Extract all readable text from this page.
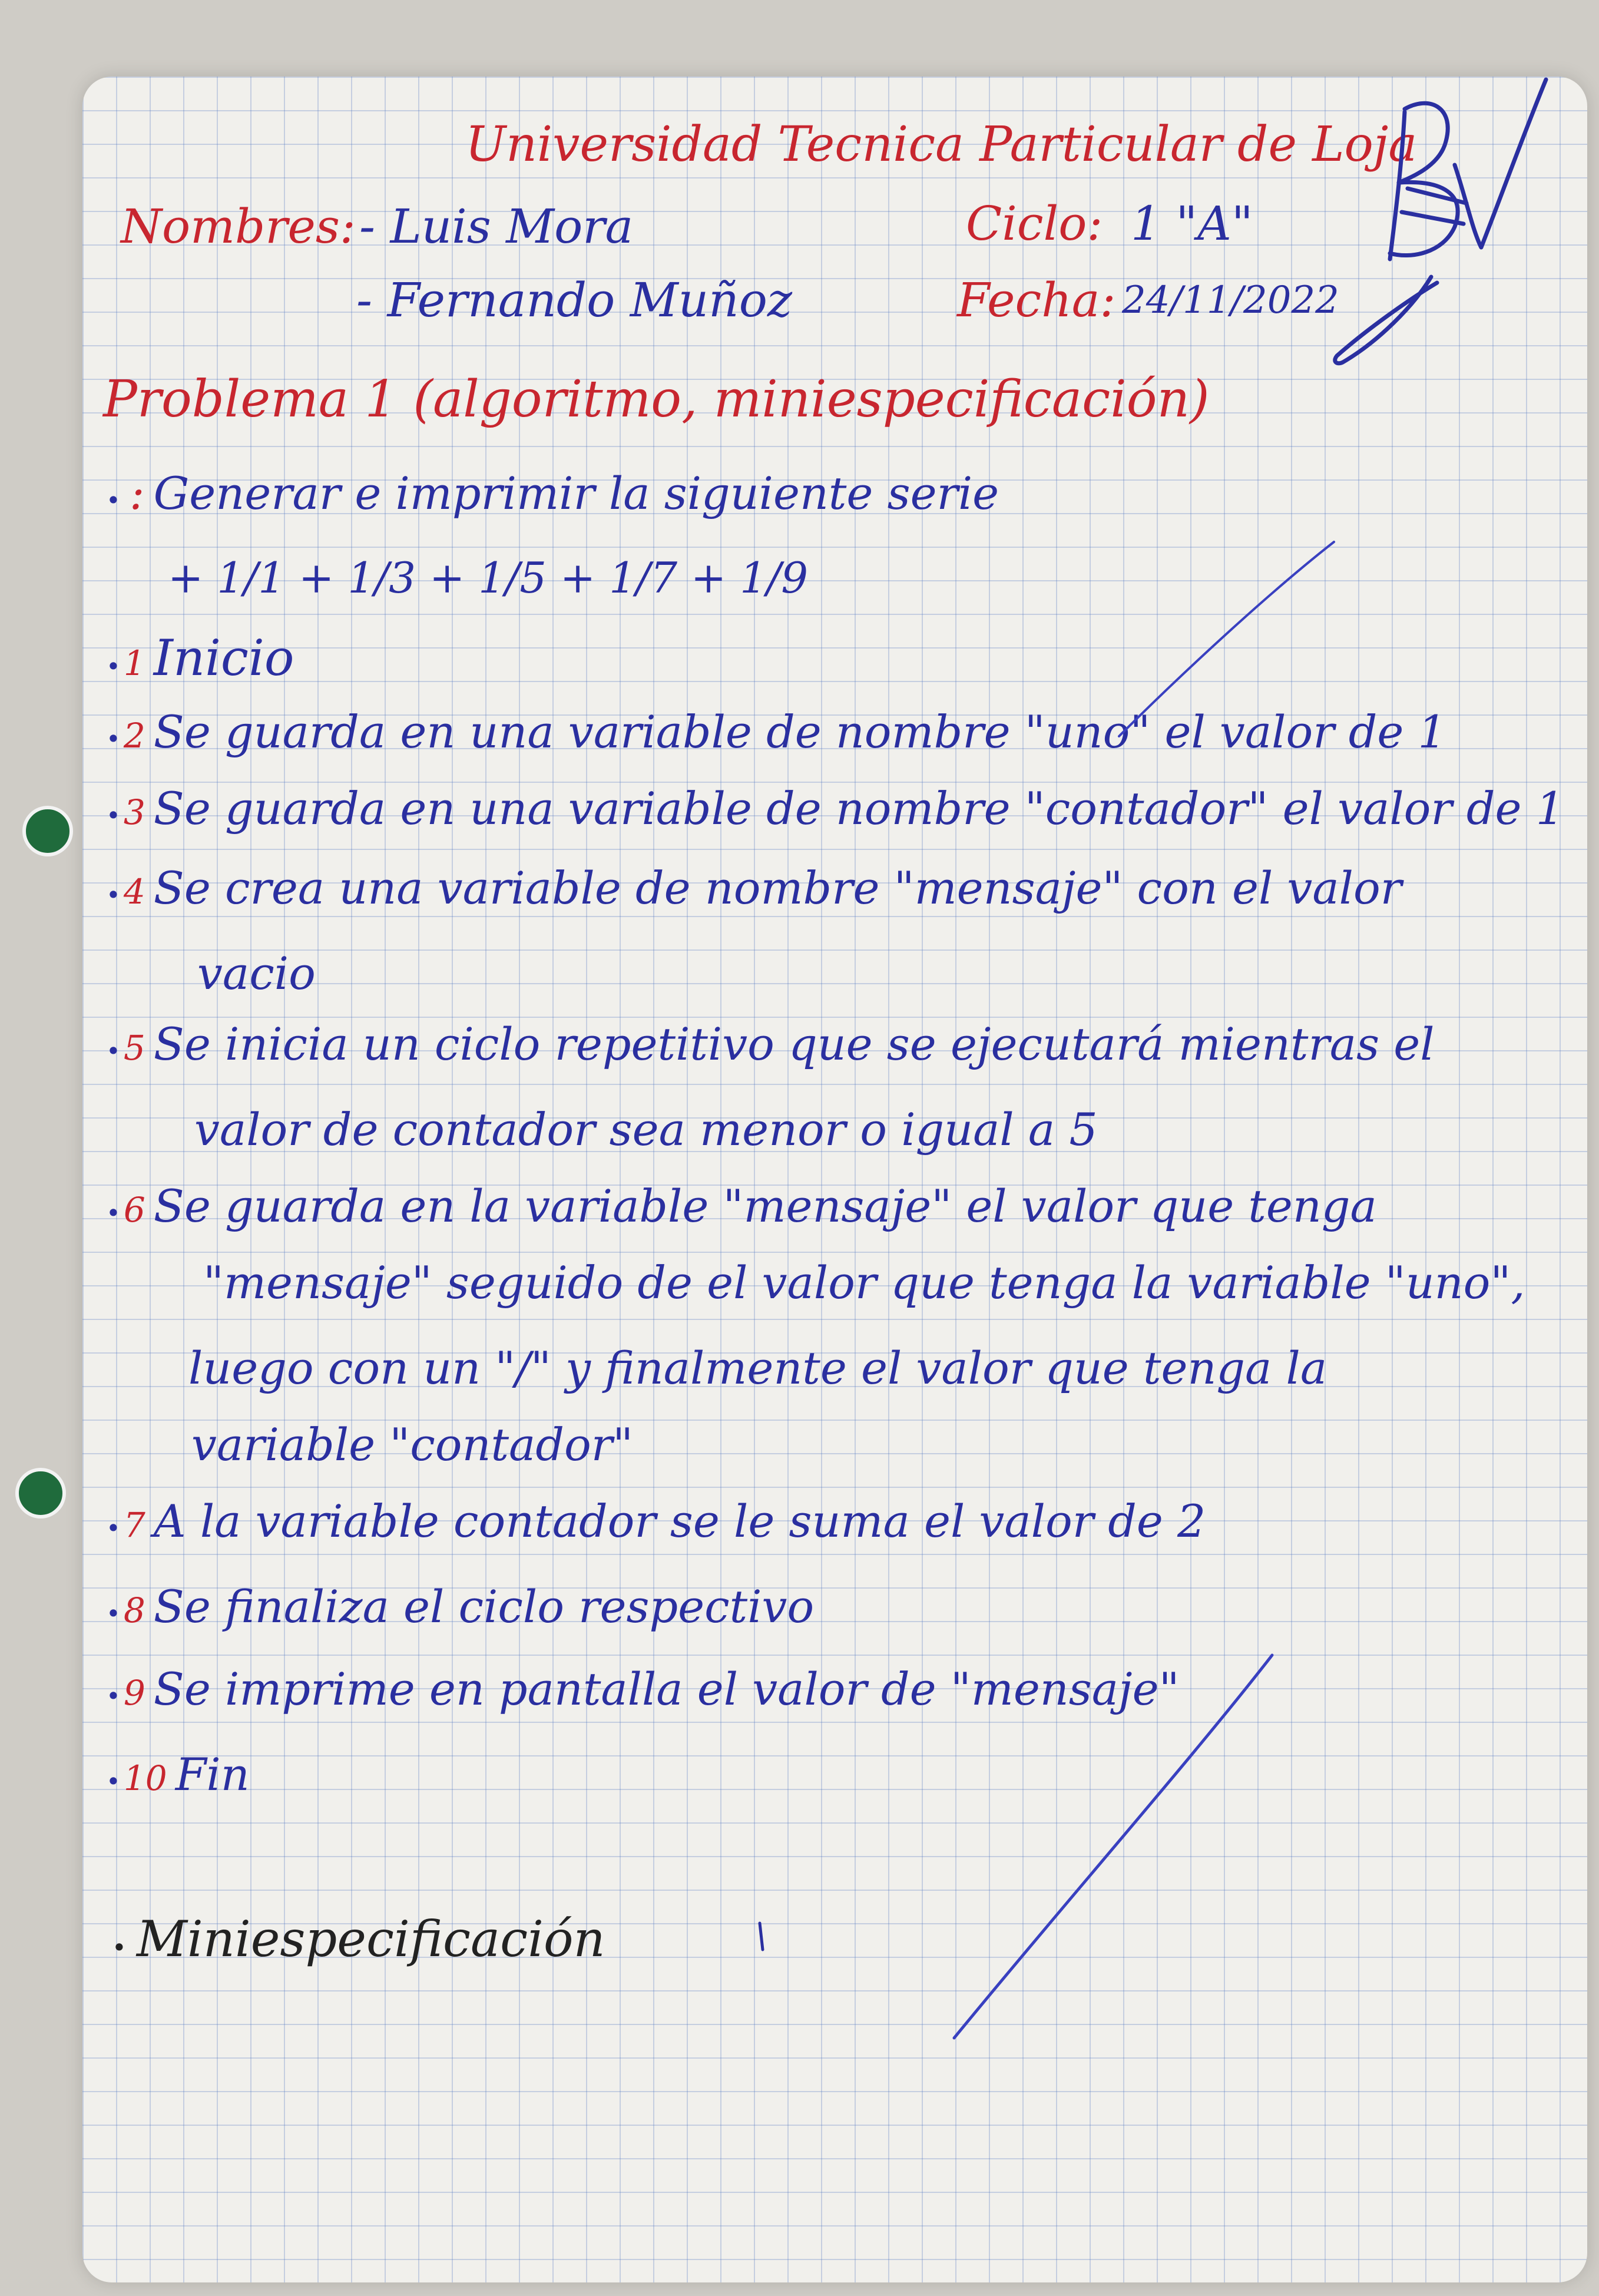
Universidad Tecnica Particular de Loja
Nombres: - Luis Mora
- Fernando Muñoz
Ciclo: 1 "A"
Fecha: 24/11/2022
Problema 1 (algoritmo, miniespecificación)
• : Generar e imprimir la siguiente serie
+ 1/1 + 1/3 + 1/5 + 1/7 + 1/9
• 1 Inicio
• 2 Se guarda en una variable de nombre "uno" el valor de 1
• 3 Se guarda en una variable de nombre "contador" el valor de 1
• 4 Se crea una variable de nombre "mensaje" con el valor
vacio
• 5 Se inicia un ciclo repetitivo que se ejecutará mientras el
valor de contador sea menor o igual a 5
• 6 Se guarda en la variable "mensaje" el valor que tenga
"mensaje" seguido de el valor que tenga la variable "uno",
luego con un "/" y finalmente el valor que tenga la
variable "contador"
• 7 A la variable contador se le suma el valor de 2
• 8 Se finaliza el ciclo respectivo
• 9 Se imprime en pantalla el valor de "mensaje"
• 10 Fin
• Miniespecificación
